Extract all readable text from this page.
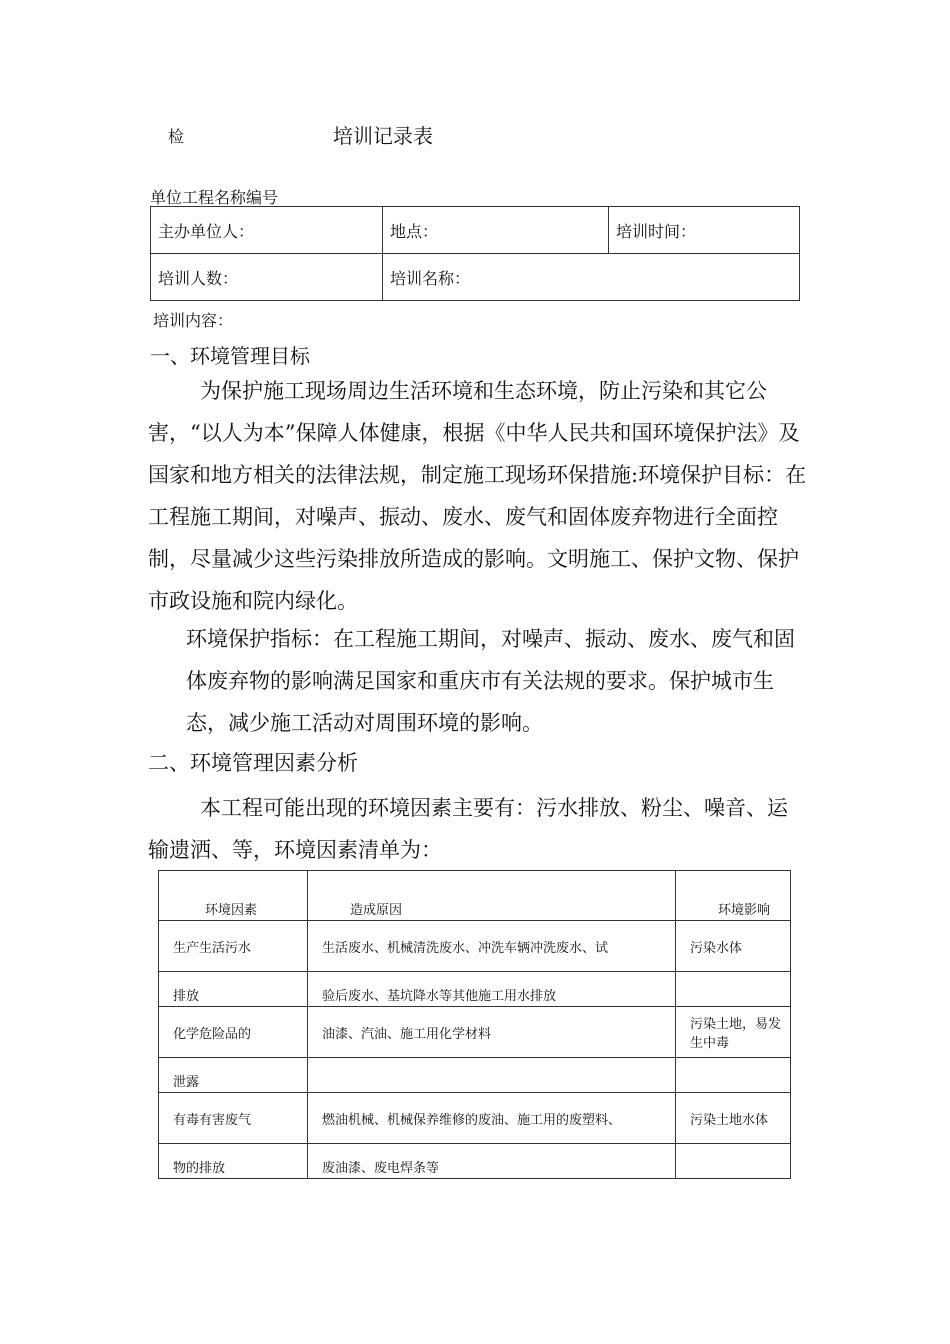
检	培训记录表
单位工程名称编号
主办单位人：	地点：	培训时间：
培训人数：	培训名称：	
培训内容：
一、环境管理目标
为保护施工现场周边生活环境和生态环境，防止污染和其它公害，“以人为本”保障人体健康，根据《中华人民共和国环境保护法》及国家和地方相关的法律法规，制定施工现场环保措施:环境保护目标：在工程施工期间，对噪声、振动、废水、废气和固体废弃物进行全面控制，尽量减少这些污染排放所造成的影响。文明施工、保护文物、保护市政设施和院内绿化。
环境保护指标：在工程施工期间，对噪声、振动、废水、废气和固体废弃物的影响满足国家和重庆市有关法规的要求。保护城市生态，减少施工活动对周围环境的影响。
二、环境管理因素分析
本工程可能出现的环境因素主要有：污水排放、粉尘、噪音、运输遗洒、等，环境因素清单为：
环境因素	造成原因	环境影响
生产生活污水	生活废水、机械清洗废水、冲洗车辆冲洗废水、试	污染水体
排放	验后废水、基坑降水等其他施工用水排放	
化学危险品的	油漆、汽油、施工用化学材料	污染土地，易发生中毒
泄露		
有毒有害废气	燃油机械、机械保养维修的废油、施工用的废塑料、	污染土地水体
物的排放	废油漆、废电焊条等	
